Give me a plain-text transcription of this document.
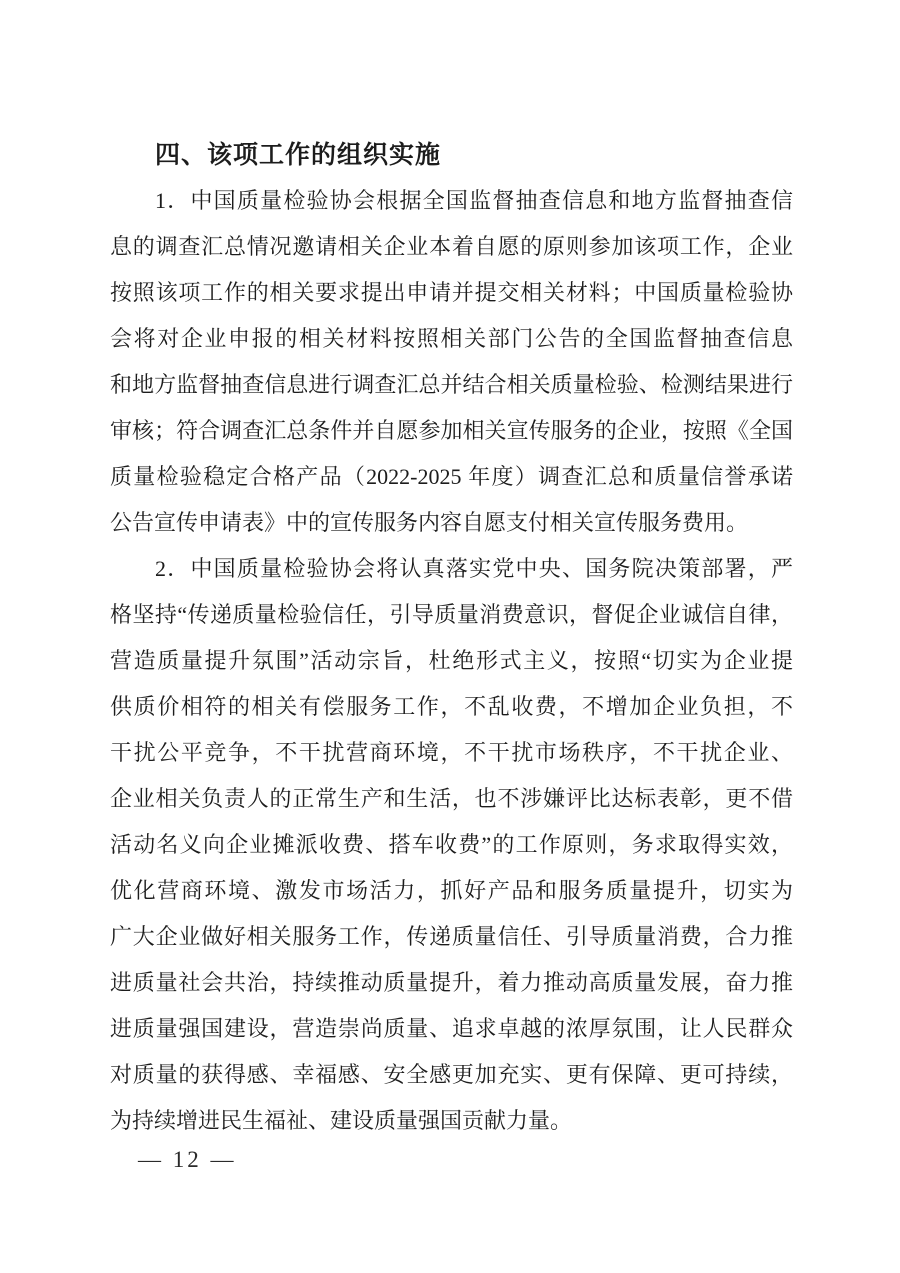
四、该项工作的组织实施
1．中国质量检验协会根据全国监督抽查信息和地方监督抽查信
息的调查汇总情况邀请相关企业本着自愿的原则参加该项工作，企业
按照该项工作的相关要求提出申请并提交相关材料；中国质量检验协
会将对企业申报的相关材料按照相关部门公告的全国监督抽查信息
和地方监督抽查信息进行调查汇总并结合相关质量检验、检测结果进行
审核；符合调查汇总条件并自愿参加相关宣传服务的企业，按照《全国
质量检验稳定合格产品（2022-2025 年度）调查汇总和质量信誉承诺
公告宣传申请表》中的宣传服务内容自愿支付相关宣传服务费用。
2．中国质量检验协会将认真落实党中央、国务院决策部署，严
格坚持“传递质量检验信任，引导质量消费意识，督促企业诚信自律，
营造质量提升氛围”活动宗旨，杜绝形式主义，按照“切实为企业提
供质价相符的相关有偿服务工作，不乱收费，不增加企业负担，不
干扰公平竞争，不干扰营商环境，不干扰市场秩序，不干扰企业、
企业相关负责人的正常生产和生活，也不涉嫌评比达标表彰，更不借
活动名义向企业摊派收费、搭车收费”的工作原则，务求取得实效，
优化营商环境、激发市场活力，抓好产品和服务质量提升，切实为
广大企业做好相关服务工作，传递质量信任、引导质量消费，合力推
进质量社会共治，持续推动质量提升，着力推动高质量发展，奋力推
进质量强国建设，营造崇尚质量、追求卓越的浓厚氛围，让人民群众
对质量的获得感、幸福感、安全感更加充实、更有保障、更可持续，
为持续增进民生福祉、建设质量强国贡献力量。
— 12 —
